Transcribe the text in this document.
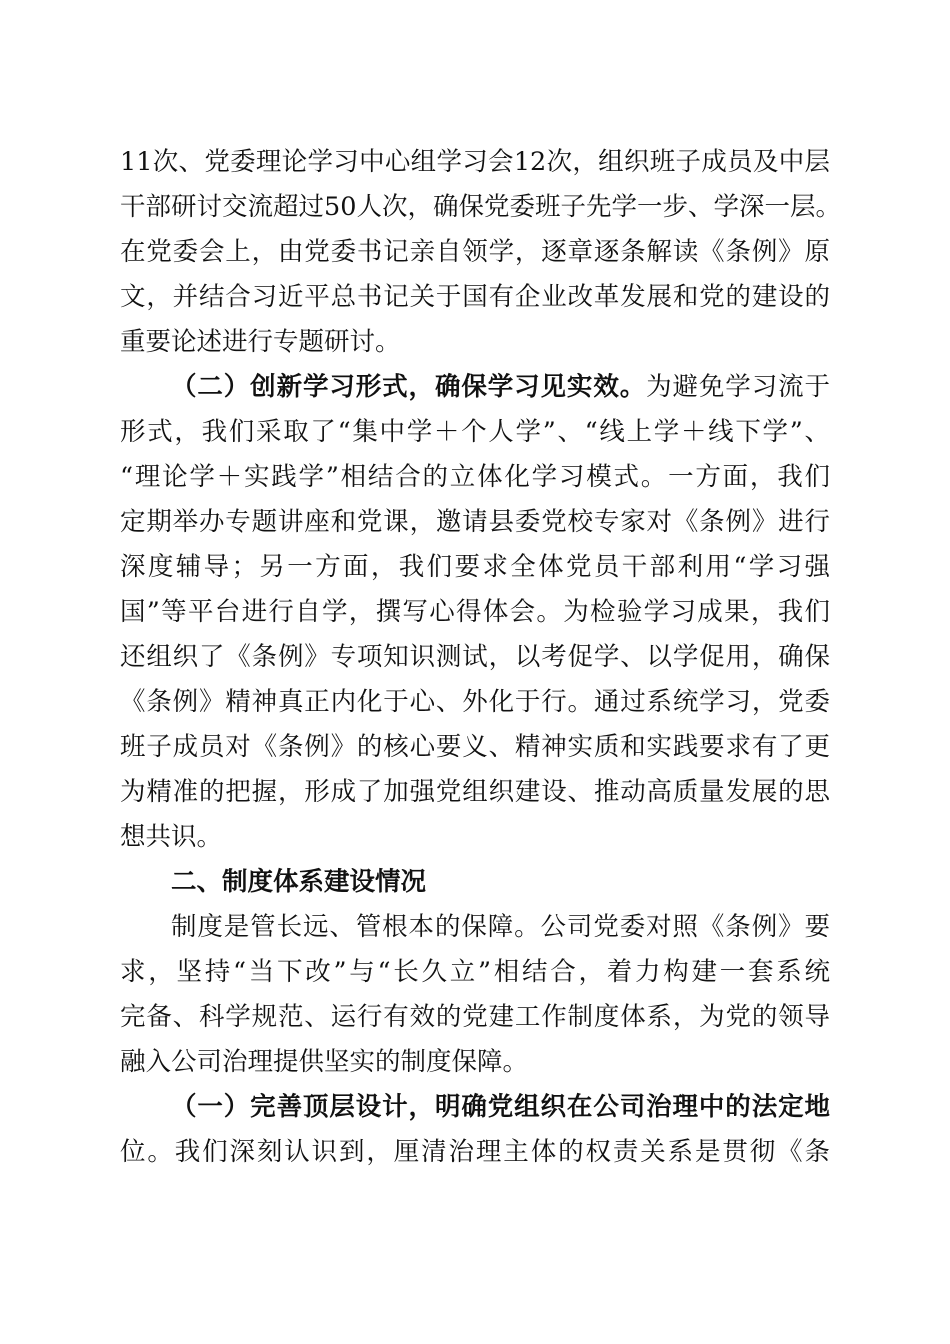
11次、党委理论学习中心组学习会12次，组织班子成员及中层
干部研讨交流超过50人次，确保党委班子先学一步、学深一层。
在党委会上，由党委书记亲自领学，逐章逐条解读《条例》原
文，并结合习近平总书记关于国有企业改革发展和党的建设的
重要论述进行专题研讨。
（二）创新学习形式，确保学习见实效。为避免学习流于
形式，我们采取了“集中学＋个人学”、“线上学＋线下学”、
“理论学＋实践学”相结合的立体化学习模式。一方面，我们
定期举办专题讲座和党课，邀请县委党校专家对《条例》进行
深度辅导；另一方面，我们要求全体党员干部利用“学习强
国”等平台进行自学，撰写心得体会。为检验学习成果，我们
还组织了《条例》专项知识测试，以考促学、以学促用，确保
《条例》精神真正内化于心、外化于行。通过系统学习，党委
班子成员对《条例》的核心要义、精神实质和实践要求有了更
为精准的把握，形成了加强党组织建设、推动高质量发展的思
想共识。
二、制度体系建设情况
制度是管长远、管根本的保障。公司党委对照《条例》要
求，坚持“当下改”与“长久立”相结合，着力构建一套系统
完备、科学规范、运行有效的党建工作制度体系，为党的领导
融入公司治理提供坚实的制度保障。
（一）完善顶层设计，明确党组织在公司治理中的法定地
位。我们深刻认识到，厘清治理主体的权责关系是贯彻《条
